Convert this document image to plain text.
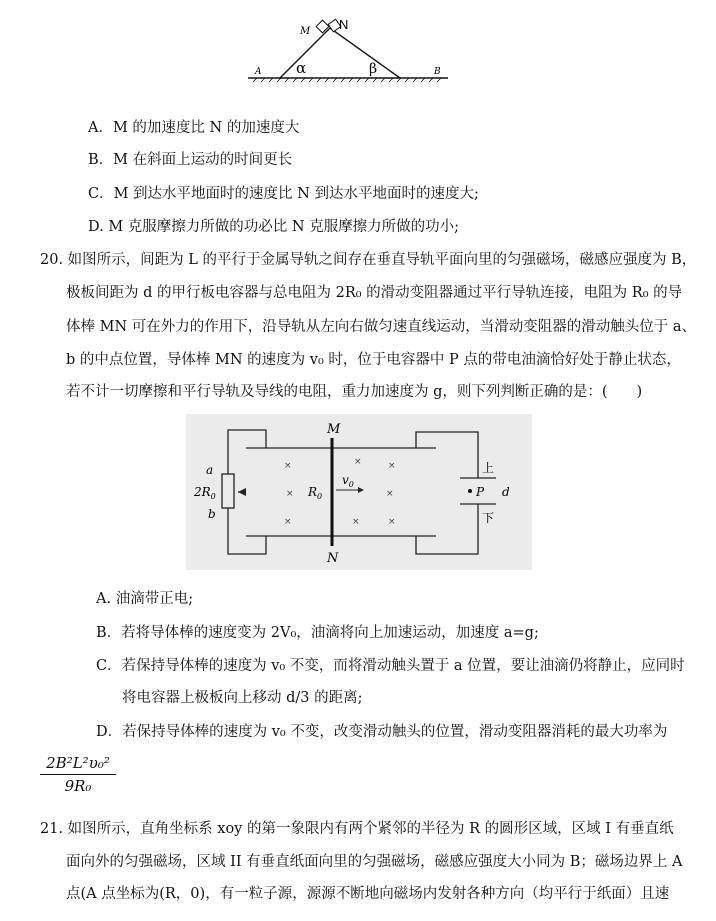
M N
α	β
A	B
A．M 的加速度比 N 的加速度大
B．M 在斜面上运动的时间更长
C．M 到达水平地面时的速度比 N 到达水平地面时的速度大;
D. M 克服摩擦力所做的功必比 N 克服摩擦力所做的功小;
20. 如图所示，间距为 L 的平行于金属导轨之间存在垂直导轨平面向里的匀强磁场，磁感应强度为 B，
极板间距为 d 的甲行板电容器与总电阻为 2R₀ 的滑动变阻器通过平行导轨连接，电阻为 R₀ 的导
体棒 MN 可在外力的作用下，沿导轨从左向右做匀速直线运动，当滑动变阻器的滑动触头位于 a、
b 的中点位置，导体棒 MN 的速度为 v₀ 时，位于电容器中 P 点的带电油滴恰好处于静止状态，
若不计一切摩擦和平行导轨及导线的电阻，重力加速度为 g，则下列判断正确的是：(　　)
×	×	×
×	×
×	×	×
M
N
a
b
$2R_0$	$R_0$
$v_0$
P d
上
下
A. 油滴带正电;
B．若将导体棒的速度变为 2V₀，油滴将向上加速运动，加速度 a=g;
C．若保持导体棒的速度为 v₀ 不变，而将滑动触头置于 a 位置，要让油滴仍将静止，应同时
将电容器上极板向上移动 d/3 的距离;
D．若保持导体棒的速度为 v₀ 不变，改变滑动触头的位置，滑动变阻器消耗的最大功率为
$\frac{\text{2B²L²υ₀²}}{\text{9R₀}}$
21. 如图所示，直角坐标系 xoy 的第一象限内有两个紧邻的半径为 R 的圆形区域，区域 I 有垂直纸
面向外的匀强磁场，区域 II 有垂直纸面向里的匀强磁场，磁感应强度大小同为 B；磁场边界上 A
点(A 点坐标为(R，0)，有一粒子源，源源不断地向磁场内发射各种方向（均平行于纸面）且速
